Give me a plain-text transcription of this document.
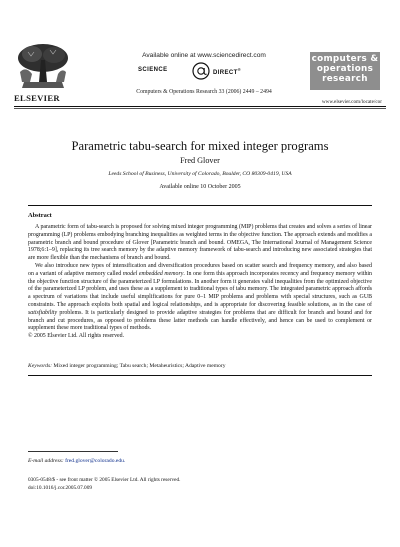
ELSEVIER
Available online at www.sciencedirect.com
SCIENCE	DIRECT®
Computers & Operations Research 33 (2006) 2449 – 2494
computers &
operations
research
www.elsevier.com/locate/cor
Parametric tabu-search for mixed integer programs
Fred Glover
Leeds School of Business, University of Colorado, Boulder, CO 80309-0419, USA
Available online 10 October 2005
Abstract

A parametric form of tabu-search is proposed for solving mixed integer programming (MIP) problems that creates and solves a series of linear programming (LP) problems embodying branching inequalities as weighted terms in the objective function. The approach extends and modifies a parametric branch and bound procedure of Glover [Parametric branch and bound. OMEGA, The International Journal of Management Science 1978;6:1–9], replacing its tree search memory by the adaptive memory framework of tabu-search and introducing new associated strategies that are more flexible than the mechanisms of branch and bound.

We also introduce new types of intensification and diversification procedures based on scatter search and frequency memory, and also based on a variant of adaptive memory called model embedded memory. In one form this approach incorporates recency and frequency memory within the objective function structure of the parameterized LP formulations. In another form it generates valid inequalities from the optimized objective of the parameterized LP problem, and uses these as a supplement to traditional types of tabu memory. The integrated parametric approach affords a spectrum of variations that include useful simplifications for pure 0–1 MIP problems and problems with special structures, such as GUB constraints. The approach exploits both spatial and logical relationships, and is appropriate for discovering feasible solutions, as in the case of satisfiability problems. It is particularly designed to provide adaptive strategies for problems that are difficult for branch and bound and for branch and cut procedures, as opposed to problems these latter methods can handle effectively, and hence can be used to complement or supplement these more traditional types of methods.

© 2005 Elsevier Ltd. All rights reserved.

Keywords: Mixed integer programming; Tabu search; Metaheuristics; Adaptive memory
E-mail address: fred.glover@colorado.edu.
0305-0548/$ - see front matter © 2005 Elsevier Ltd. All rights reserved.
doi:10.1016/j.cor.2005.07.009
